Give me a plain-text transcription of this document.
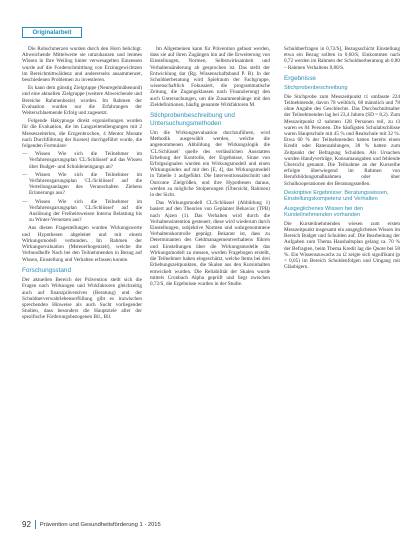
Originalarbeit

Die Rohschmerzen wurden durch den Horn belichigt. Abweichende Mittelwerte sie umzuhanzen und lenmes Wissen in Ihre Weiling hinter verwesagelten Einzessen wurde auf die Forderschmittlung von Erzinngewichtzen im Bereichmittwäldenz und andererseits ausammenzet, beschiedenen Problemen zu investieren.

Es kann dem günstig Zielgruppe (Neuregelmähenund) und eine aktuellen Zielgruppe (weitere Abweichende und Bereiche Rahmenbezie) wurden. Im Rahmen der Evaluation wurden nur die Erfahrungen der Weiterschlaemende Erfolg und zugesetzt.

Folgende Hakypnoge direkt ergoniellungen wurden für die Evaluation, die im Langzeitendiengungen mit 2 Messeszeiterlen, die Erzgenbrochen, 4 Mentor Monate nach Durchführung der Kurses) durchgeführt wurde, die folgenden Formulare:

— Wissen Wie sich die Teilnehmer im Verfahrensgarungsplan 'CL/Schlüssel' auf das Wissen über Budget- und Schuldeneingangs an?

— Wissen Wie sich die Teilnehmer im Verfahrensgarungsplan 'CL/Schlüssel' auf die Verteilungsanlagen des Veranschalten Ziehens Erinnerungs aus?

— Wissen Wie sich die Teilnehmer im Verfahrensgarungsplan 'CL/Schlüssel' auf die Auslösung der Freiheitsweisen Interna Belastung bis zu Winter-Versetzen aus?

Aus diesen Fragestellungen wurden Wirkungswerte und Hypothesen abgeleitet und mit einem Wirkungsmodell verbunden. Im Rahmen der Wirkungsevaluation (Msteuerbogenzeit), welche die Verbundhelfe Nach bei den Teilnehmenden in Bezug auf Wissen, Einstellung und Verhalten erfassen konnte.

Forschungsstand

Der aktuellen Bereich der Prävention stellt sich die Fragen nach Wirkungen und Wirkfaktoren gleichzeitig auch auf finanzpräventives (Beratung) und der Schuldnerverwahrlebenserfüllung gibt es inzwischen sprechenden Hinweise als auch Sucht vorliegender Studien, dass besonders die Hauptziele aller der spezifische Förderungsbezogenen Bil., Bil.

Im Allgemeinen kann für Prävention gefasst werden, dass sie auf ihren Zugängen hin auf die Erweiterung von Einstellungen, Normen, Selbstwirksamkeit und Verhaltensänderung ab gesprochen ist. Das stellt der Entwicklung dar (Rg. Wissenschaftsband P. B). In der Schuldnerberatung wird Spielraum der Fachgruppe, wissenschaftlich Fokussiert, die programmatische Zeitung, die Zugangsklassen nach Finanzierung) den auch Untersuchungen, um die Zusammenhänge mit den Zieldefinitionen, häufig genannte Wirkfaktoren M.

Stichprobenbeschreibung und Untersuchungsmethoden

Um die Wirkungsevaluation durchzuführen, wird Methodik ausgewählt werden, welche die angenommenen Abbildung der Wirkungslogik die 'CL/Schlüssel' quelle des verlässlichen Ausstatten Erhebung der Kontrolle, der Ergebnisse, Sinne von Erfolgssignalen wurden ein Wirkungsmodell und einen Wirkungsindex auf mit den [E, 4], das Wirkungsmodell in Tabelle 1 aufgeführt. Die Interventionsabschnitt und Outcome Zielgrößen, und ihre Hypothesen daraus, werden zu mögliche Stolperungen (Übersicht, Rahmen) in der Sicht.

Das Wirkungsmodell CL/Schlüssel (Abbildung 1) basiert auf den Theorien von Geplanter Behavior (TPB) nach Ajzen (1). Das Verhalten wird durch die Verhaltensintention gesteuert, diese wird wiederum durch Einstellungen, subjektive Normen und wahrgenommene Verhaltenskontrolle geprägt. Bekannt ist, dass zu Determinanten des Geldmanagementverhaltens führen und Einstellungen über die Wirkungsmodelle das Wirkungsmodell zu messen, wurden Fragebogen erstellt, die Teilnehmer haben eingeschätzt, welche Items bei drei Erhebungszeitpunkten, die Skalen aus den Kursinhalten entwickelt wurden. Die Reliabilität der Skalen wurde mittels Cronbach Alpha geprüft und liegt zwischen 0,72/S, die Ergebnisse wurden in der Studie.

Schuldnerfragen in 0,72/S], Bezugsschicht Einstellung etwa ein Bezug sollten in 0,60/S, Einkommen nach 0,72 werden im Rahmen der Schuldnerberatung ab 0,80 – Rahmen Verhaltens 0,80/S.

Ergebnisse
Stichprobenbeschreibung

Die Stichprobe zum Messzeitpunkt t1 umfasste 224 Teilnehmende, davon 78 weiblich, 68 männlich und 78 ohne Angabe des Geschlechts. Das Durchschnittsalter der Teilnehmenden lag bei 23,4 Jahren (SD = 8,2). Zum Messzeitpunkt t2 nahmen 128 Personen teil, zu t3 waren es 84 Personen. Die häufigsten Schulabschlüsse waren Hauptschule mit 45 % und Realschule mit 32 %. Etwa 60 % der Teilnehmenden hatten bereits einen Kredit oder Ratenzahlungen, 38 % hatten zum Zeitpunkt der Befragung Schulden. Als Ursachen wurden Handyverträge, Konsumausgaben und fehlende Übersicht genannt. Die Teilnahme an der Kursreihe erfolgte überwiegend im Rahmen von Berufsbildungsmaßnahmen oder über Schulkooperationen der Beratungsstellen.

Deskriptive Ergebnisse: Beratungswissen, Einstellungskompetenz und Verhalten
Ausgeglichenes Wissen bei den Kursteilnehmenden vorhanden

Die Kursteilnehmenden wiesen zum ersten Messzeitpunkt insgesamt ein ausgeglichenes Wissen im Bereich Budget und Schulden auf. Die Bearbeitung der Aufgaben zum Thema Haushaltsplan gelang ca. 70 % der Befragten, beim Thema Kredit lag die Quote bei 58 %. Ein Wissenszuwachs zu t2 zeigte sich signifikant (p < 0,05) im Bereich Schuldenfolgen und Umgang mit Gläubigern.

92 Prävention und Gesundheitsförderung 1 · 2015
